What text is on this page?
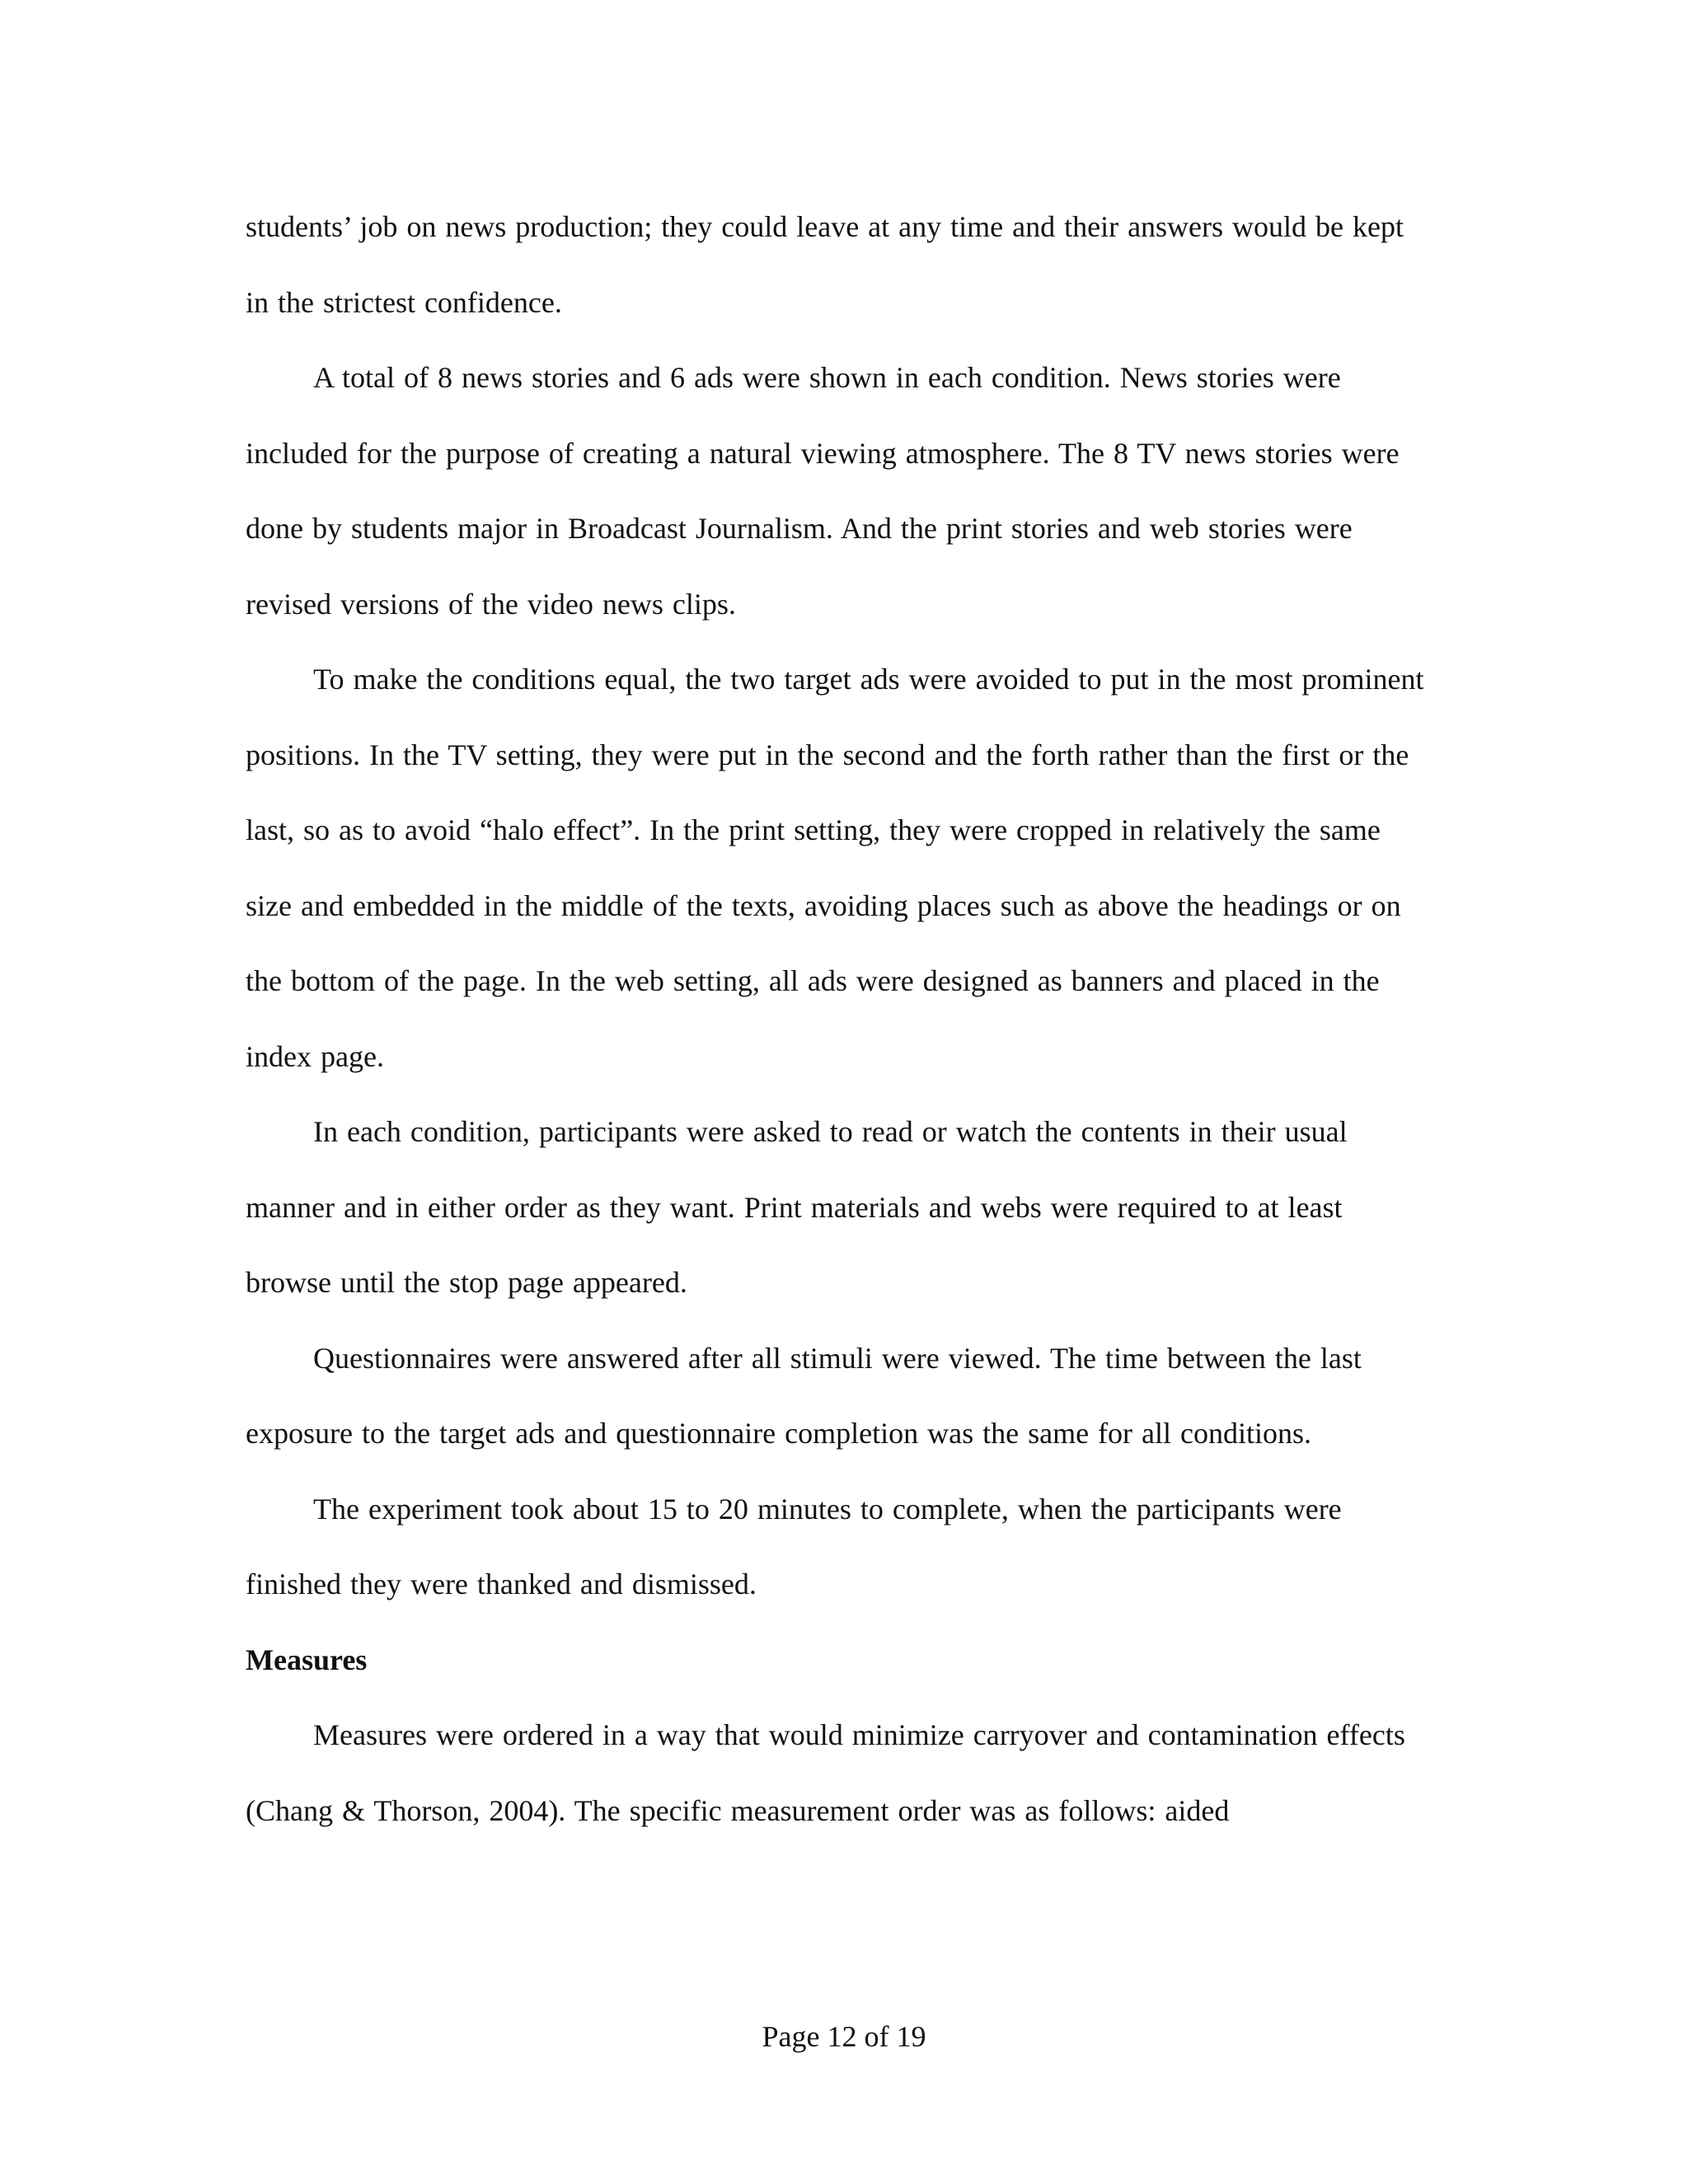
students’ job on news production; they could leave at any time and their answers would be kept in the strictest confidence.

A total of 8 news stories and 6 ads were shown in each condition. News stories were included for the purpose of creating a natural viewing atmosphere. The 8 TV news stories were done by students major in Broadcast Journalism. And the print stories and web stories were revised versions of the video news clips.

To make the conditions equal, the two target ads were avoided to put in the most prominent positions. In the TV setting, they were put in the second and the forth rather than the first or the last, so as to avoid “halo effect”. In the print setting, they were cropped in relatively the same size and embedded in the middle of the texts, avoiding places such as above the headings or on the bottom of the page. In the web setting, all ads were designed as banners and placed in the index page.

In each condition, participants were asked to read or watch the contents in their usual manner and in either order as they want. Print materials and webs were required to at least browse until the stop page appeared.

Questionnaires were answered after all stimuli were viewed. The time between the last exposure to the target ads and questionnaire completion was the same for all conditions.

The experiment took about 15 to 20 minutes to complete, when the participants were finished they were thanked and dismissed.

Measures

Measures were ordered in a way that would minimize carryover and contamination effects (Chang & Thorson, 2004). The specific measurement order was as follows: aided

Page 12 of 19
